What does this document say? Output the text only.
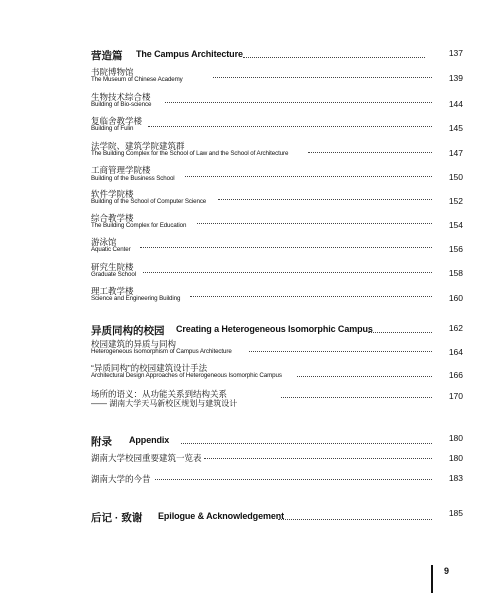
营造篇 The Campus Architecture	137
书院博物馆
The Museum of Chinese Academy	139
生物技术综合楼
Building of Bio-science	144
复临舍教学楼
Building of Fulin	145
法学院、建筑学院建筑群
The Building Complex for the School of Law and the School of Architecture	147
工商管理学院楼
Building of the Business School	150
软件学院楼
Building of the School of Computer Science	152
综合教学楼
The Building Complex for Education	154
游泳馆
Aquatic Center	156
研究生院楼
Graduate School	158
理工教学楼
Science and Engineering Building	160
异质同构的校园 Creating a Heterogeneous Isomorphic Campus	162
校园建筑的异质与同构
Heterogeneous Isomorphism of Campus Architecture	164
“异质同构”的校园建筑设计手法
Architectural Design Approaches of Heterogeneous Isomorphic Campus	166
场所的语义：从功能关系到结构关系
—— 湖南大学天马新校区规划与建筑设计
170
附录 Appendix	180
湖南大学校园重要建筑一览表	180
湖南大学的今昔	183
后记 · 致谢 Epilogue & Acknowledgement	185
9
